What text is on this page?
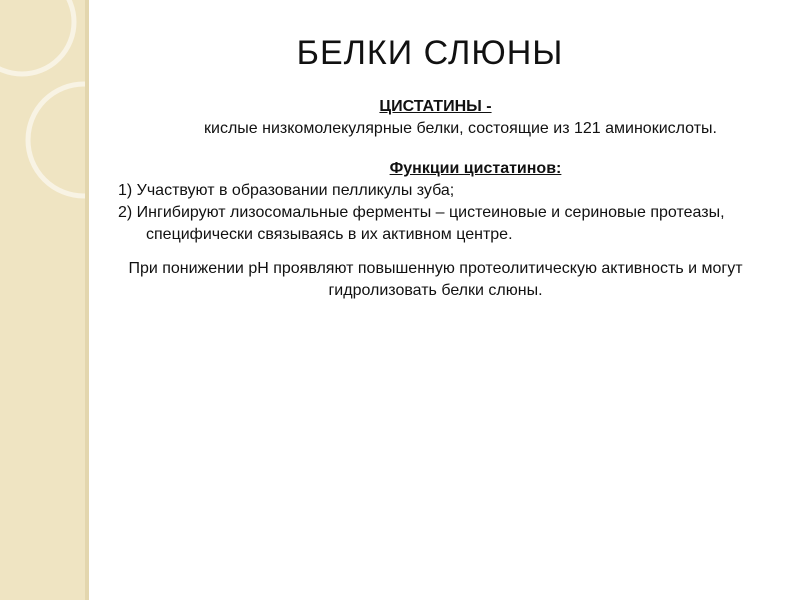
БЕЛКИ СЛЮНЫ

ЦИСТАТИНЫ -

кислые низкомолекулярные белки, состоящие из 121 аминокислоты.

Функции цистатинов:

1) Участвуют в образовании пелликулы зуба;
2) Ингибируют лизосомальные ферменты – цистеиновые и сериновые протеазы, специфически связываясь в их активном центре.

При понижении рН проявляют повышенную протеолитическую активность и могут гидролизовать белки слюны.
